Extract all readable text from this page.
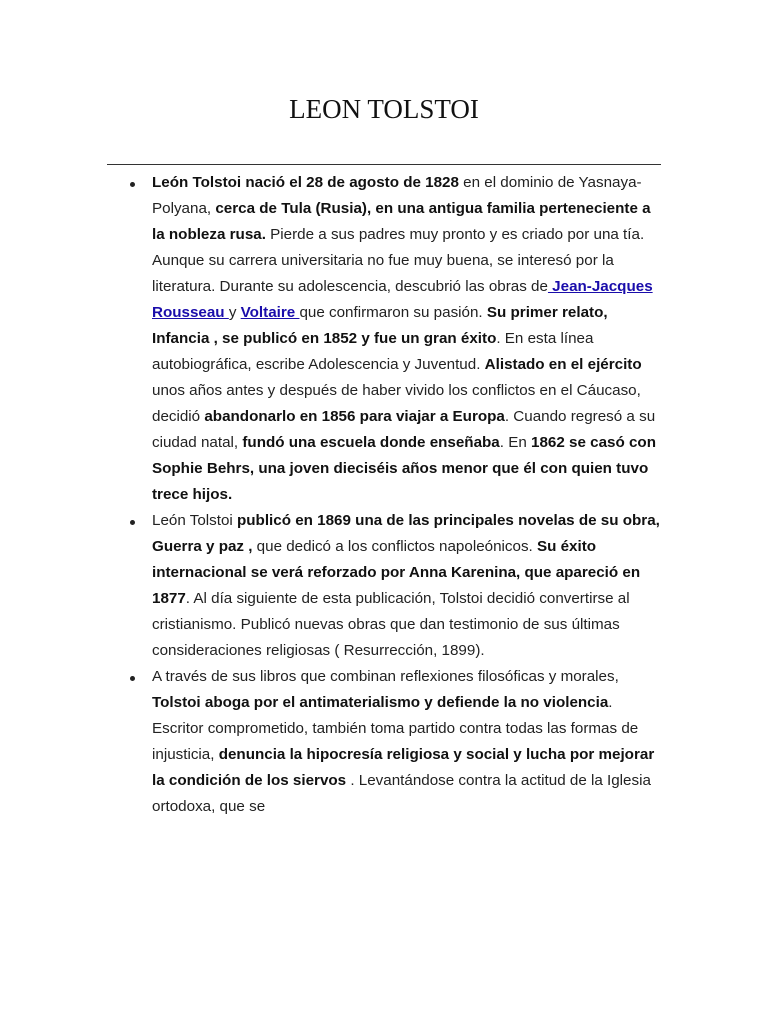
LEON TOLSTOI
León Tolstoi nació el 28 de agosto de 1828 en el dominio de Yasnaya-Polyana, cerca de Tula (Rusia), en una antigua familia perteneciente a la nobleza rusa. Pierde a sus padres muy pronto y es criado por una tía. Aunque su carrera universitaria no fue muy buena, se interesó por la literatura. Durante su adolescencia, descubrió las obras de Jean-Jacques Rousseau y Voltaire que confirmaron su pasión. Su primer relato, Infancia , se publicó en 1852 y fue un gran éxito. En esta línea autobiográfica, escribe Adolescencia y Juventud. Alistado en el ejército unos años antes y después de haber vivido los conflictos en el Cáucaso, decidió abandonarlo en 1856 para viajar a Europa. Cuando regresó a su ciudad natal, fundó una escuela donde enseñaba. En 1862 se casó con Sophie Behrs, una joven dieciséis años menor que él con quien tuvo trece hijos.
León Tolstoi publicó en 1869 una de las principales novelas de su obra, Guerra y paz , que dedicó a los conflictos napoleónicos. Su éxito internacional se verá reforzado por Anna Karenina, que apareció en 1877. Al día siguiente de esta publicación, Tolstoi decidió convertirse al cristianismo. Publicó nuevas obras que dan testimonio de sus últimas consideraciones religiosas ( Resurrección, 1899).
A través de sus libros que combinan reflexiones filosóficas y morales, Tolstoi aboga por el antimaterialismo y defiende la no violencia. Escritor comprometido, también toma partido contra todas las formas de injusticia, denuncia la hipocresía religiosa y social y lucha por mejorar la condición de los siervos . Levantándose contra la actitud de la Iglesia ortodoxa, que se
